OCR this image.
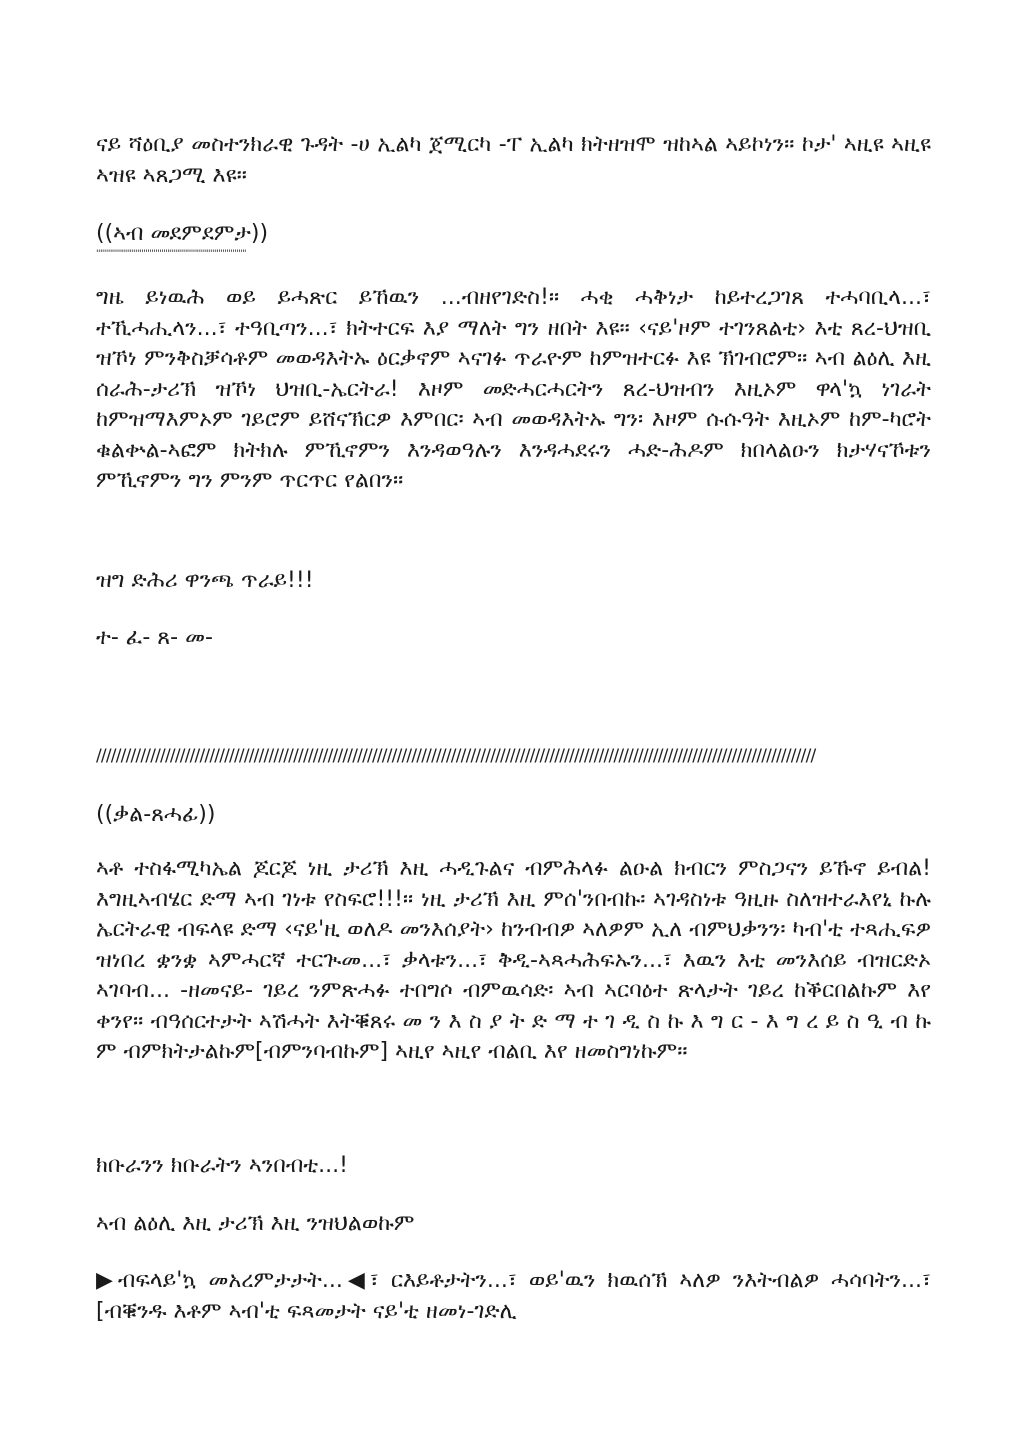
ናይ ሻዕቢያ መስተንክራዊ ጉዳት -ሀ ኢልካ ጀሚርካ -ፐ ኢልካ ክትዘዝሞ ዝከኣል ኣይኮነን። ኮታ' ኣዚዩ ኣዚዩ ኣዝዩ ኣጸጋሚ እዩ።

((ኣብ መደምደምታ))
''''''''''''''''''''''''''''''''''''''''''''''''''''''''''''''''''''''''''''

ግዜ ይነዉሕ ወይ ይሓጽር ይኸዉን ...ብዘየገድስ!። ሓቂ ሓቅነታ ከይተረጋገጸ ተሓባቢላ...፣ ተኺሓሒላን...፣ ተዓቢጣን...፣ ክትተርፍ እያ ማለት ግን ዘበት እዩ። ‹ናይ'ዞም ተገንጸልቲ› እቲ ጸረ-ህዝቢ ዝኾነ ምንቅስቓሳቶም መወዳእትኡ ዕርቃኖም ኣናገፉ ጥራዮም ከምዝተርፉ እዩ ኽገብሮም። ኣብ ልዕሊ እዚ ሰራሕ-ታሪኽ ዝኾነ ህዝቢ-ኤርትራ! እዞም መድሓርሓርትን ጸረ-ህዝብን እዚኦም ዋላ'ኳ ነገራት ከምዝማእምኦም ገይሮም ይሸናኽርዎ እምበር፡ ኣብ መወዳእትኡ ግን፡ እዞም ሱሱዓት እዚኦም ከም-ካሮት ቁልቍል-ኣፎም ክትክሉ ምኺኖምን እንዳወዓሉን እንዳሓደሩን ሓድ-ሕዶም ክበላልዑን ክታሃናኾቱን ምኺኖምን ግን ምንም ጥርጥር የልበን።

ዝግ ድሕሪ ዋንጫ ጥራይ!!!
ተ- ፈ- ጸ- መ-
//////////////////////////////////////////////////////////////////////////////////////////////////////////////////////////////////////////////////
((ቃል-ጸሓፊ))

ኣቶ ተስፋሚካኤል ጆርጆ ነዚ ታሪኽ እዚ ሓዲጉልና ብምሕላፉ ልዑል ክብርን ምስጋናን ይኹኖ ይብል! እግዚኣብሄር ድማ ኣብ ገነቱ የስፍሮ!!!። ነዚ ታሪኽ እዚ ምሰ'ንበብኩ፡ ኣገዳስነቱ ዓዚዙ ስለዝተራእየኒ ኩሉ ኤርትራዊ ብፍላዩ ድማ ‹ናይ'ዚ ወለዶ መንእሰያት› ከንብብዎ ኣለዎም ኢለ ብምህቃንን፡ ካብ'ቲ ተጻሒፍዎ ዝነበረ ቋንቋ ኣምሓርኛ ተርጒመ...፣ ቃላቱን...፣ ቅዲ-ኣጻሓሕፍኡን...፣ እዉን እቲ መንእሰይ ብዝርድኦ ኣገባብ... -ዘመናይ- ገይረ ንምጽሓፉ ተበግሶ ብምዉሳድ፡ ኣብ ኣርባዕተ ጽላታት ገይረ ከቕርበልኩም እየ ቀንየ። ብዓሰርተታት ኣሽሓት እትቑጸሩ መ ን እ ስ ያ ት ድ ማ ተ ገ ዲ ስ ኩ እ ግ ር - እ ግ ረ ይ ስ ዒ ብ ኩ ም ብምክትታልኩም[ብምንባብኩም] ኣዚየ ኣዚየ ብልቢ እየ ዘመስግነኩም።

ክቡራንን ክቡራትን ኣንበብቲ...!
ኣብ ልዕሊ እዚ ታሪኽ እዚ ንዝህልወኩም

▶ብፍላይ'ኳ መአረምታታት...◀፣ ርእይቶታትን...፣ ወይ'ዉን ክዉሰኽ ኣለዎ ንእትብልዎ ሓሳባትን...፣ [ብቑንዱ እቶም ኣብ'ቲ ፍጻመታት ናይ'ቲ ዘመነ-ገድሊ
